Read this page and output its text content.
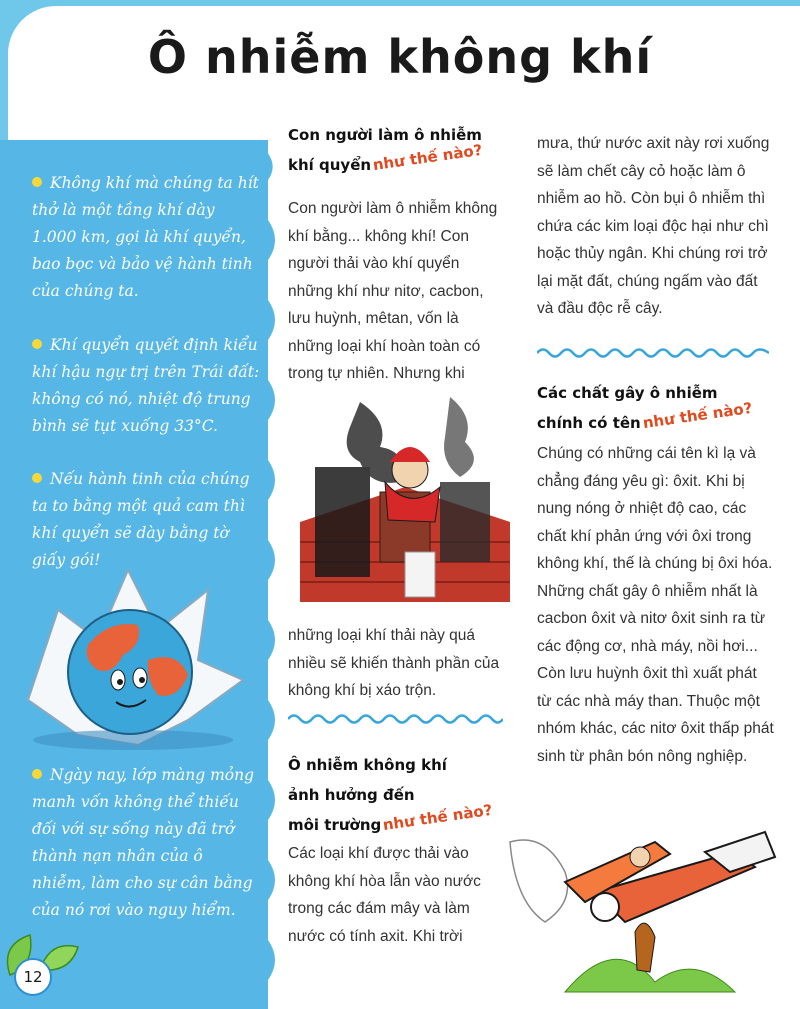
Ô nhiễm không khí
Không khí mà chúng ta hít thở là một tầng khí dày 1.000 km, gọi là khí quyển, bao bọc và bảo vệ hành tinh của chúng ta.
Khí quyển quyết định kiểu khí hậu ngự trị trên Trái đất: không có nó, nhiệt độ trung bình sẽ tụt xuống 33°C.
Nếu hành tinh của chúng ta to bằng một quả cam thì khí quyển sẽ dày bằng tờ giấy gói!
Ngày nay, lớp màng mỏng manh vốn không thể thiếu đối với sự sống này đã trở thành nạn nhân của ô nhiễm, làm cho sự cân bằng của nó rơi vào nguy hiểm.
12
Con người làm ô nhiễm
khí quyểnnhư thế nào?

Con người làm ô nhiễm không khí bằng... không khí! Con người thải vào khí quyển những khí như nitơ, cacbon, lưu huỳnh, mêtan, vốn là những loại khí hoàn toàn có trong tự nhiên. Nhưng khi

những loại khí thải này quá nhiều sẽ khiến thành phần của không khí bị xáo trộn.

Ô nhiễm không khí
ảnh hưởng đến
môi trườngnhư thế nào?

Các loại khí được thải vào không khí hòa lẫn vào nước trong các đám mây và làm nước có tính axit. Khi trời

mưa, thứ nước axit này rơi xuống sẽ làm chết cây cỏ hoặc làm ô nhiễm ao hồ. Còn bụi ô nhiễm thì chứa các kim loại độc hại như chì hoặc thủy ngân. Khi chúng rơi trở lại mặt đất, chúng ngấm vào đất và đầu độc rễ cây.

Các chất gây ô nhiễm
chính có tênnhư thế nào?

Chúng có những cái tên kì lạ và chẳng đáng yêu gì: ôxit. Khi bị nung nóng ở nhiệt độ cao, các chất khí phản ứng với ôxi trong không khí, thế là chúng bị ôxi hóa. Những chất gây ô nhiễm nhất là cacbon ôxit và nitơ ôxit sinh ra từ các động cơ, nhà máy, nồi hơi... Còn lưu huỳnh ôxit thì xuất phát từ các nhà máy than. Thuộc một nhóm khác, các nitơ ôxit thấp phát sinh từ phân bón nông nghiệp.
